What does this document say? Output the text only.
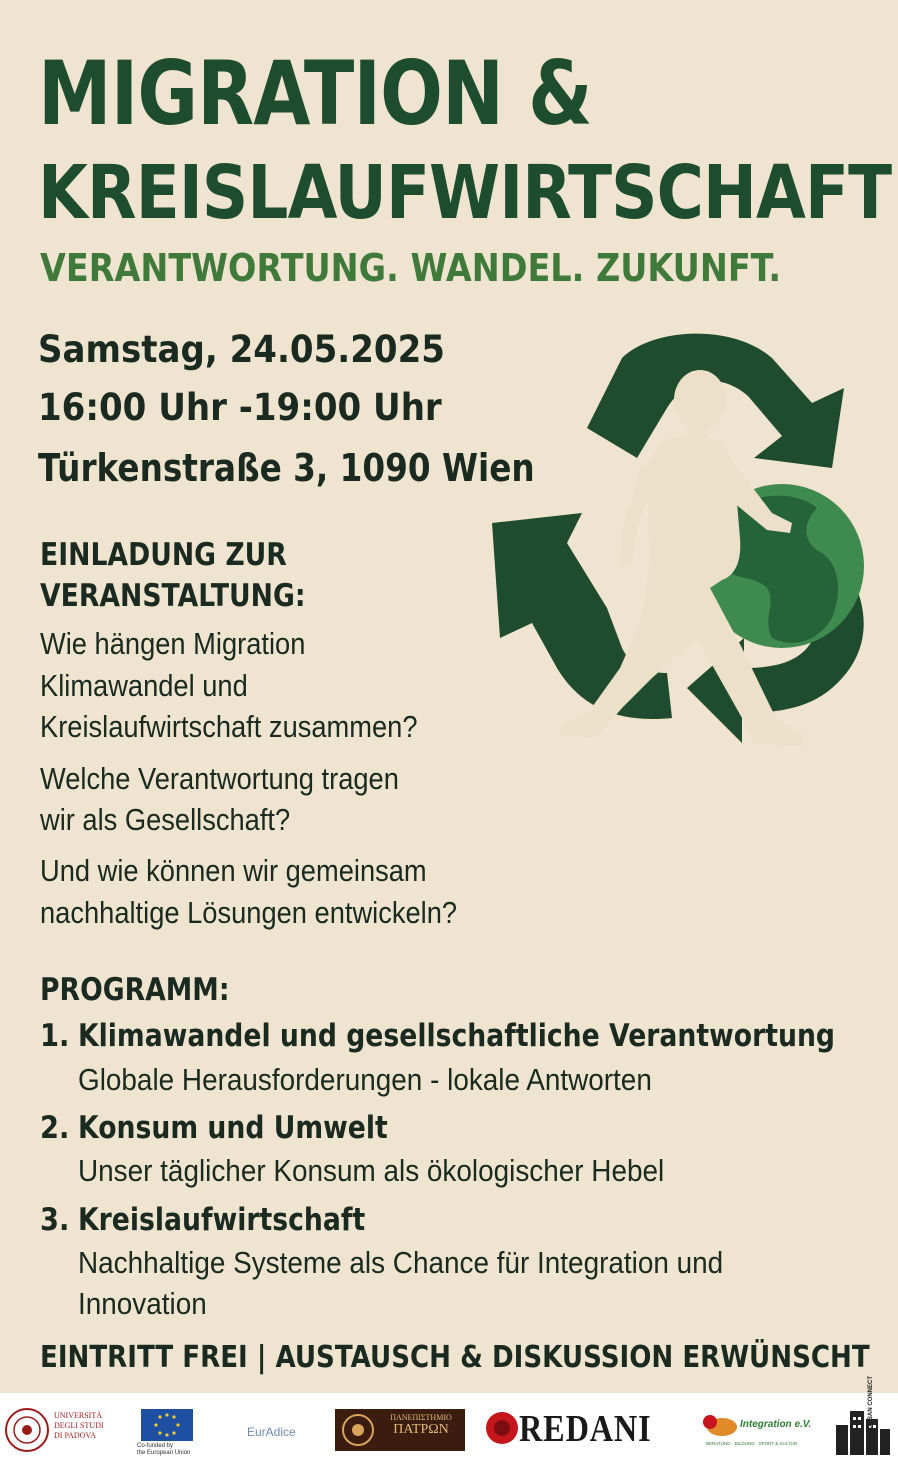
MIGRATION &
KREISLAUFWIRTSCHAFT

VERANTWORTUNG. WANDEL. ZUKUNFT.

Samstag, 24.05.2025

16:00 Uhr -19:00 Uhr

Türkenstraße 3, 1090 Wien

EINLADUNG ZUR

VERANSTALTUNG:

Wie hängen Migration

Klimawandel und

Kreislaufwirtschaft zusammen?

Welche Verantwortung tragen

wir als Gesellschaft?

Und wie können wir gemeinsam

nachhaltige Lösungen entwickeln?

PROGRAMM:

1. Klimawandel und gesellschaftliche Verantwortung

Globale Herausforderungen - lokale Antworten

2. Konsum und Umwelt

Unser täglicher Konsum als ökologischer Hebel

3. Kreislaufwirtschaft

Nachhaltige Systeme als Chance für Integration und

Innovation

EINTRITT FREI | AUSTAUSCH & DISKUSSION ERWÜNSCHT

UNIVERSITÀ
DEGLI STUDI
DI PADOVA
Co-funded by
the European Union
EurAdice
ΠΑΝΕΠΙΣΤΗΜΙΟ
ΠΑΤΡΩΝ	REDANI	Integration e.V.
BERATUNG · BILDUNG · SPORT & KULTUR
URBAN CONNECT
